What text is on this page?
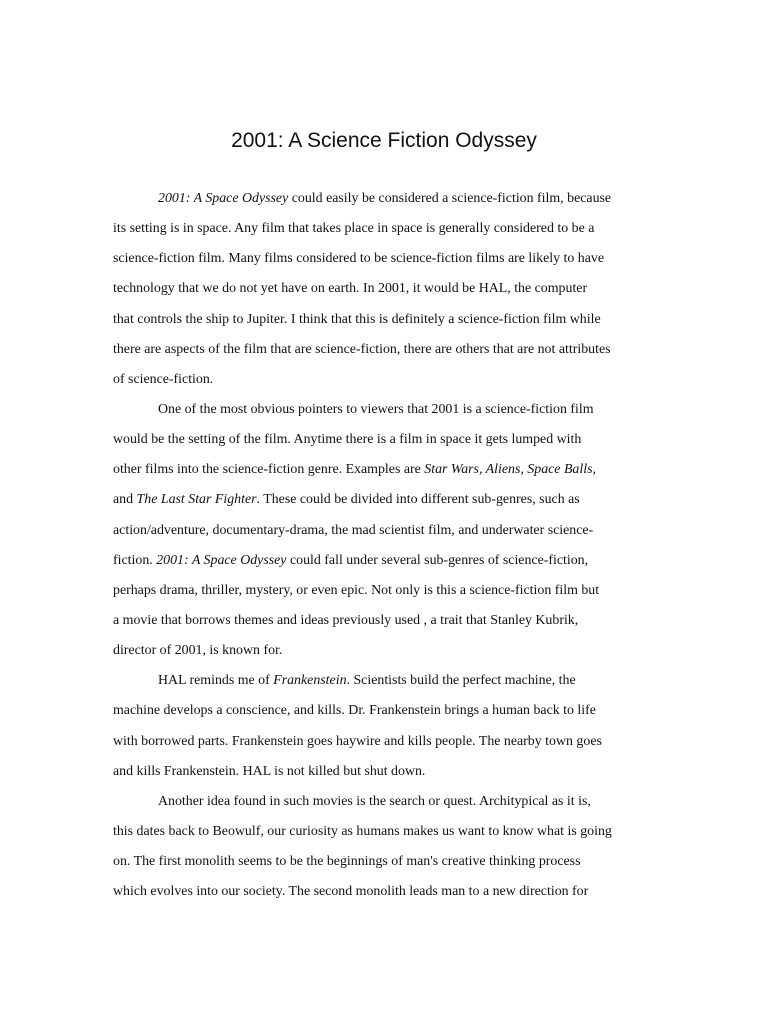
2001: A Science Fiction Odyssey

2001: A Space Odyssey could easily be considered a science-fiction film, because
its setting is in space. Any film that takes place in space is generally considered to be a
science-fiction film. Many films considered to be science-fiction films are likely to have
technology that we do not yet have on earth. In 2001, it would be HAL, the computer
that controls the ship to Jupiter. I think that this is definitely a science-fiction film while
there are aspects of the film that are science-fiction, there are others that are not attributes
of science-fiction.

One of the most obvious pointers to viewers that 2001 is a science-fiction film
would be the setting of the film. Anytime there is a film in space it gets lumped with
other films into the science-fiction genre. Examples are Star Wars, Aliens, Space Balls,
and The Last Star Fighter. These could be divided into different sub-genres, such as
action/adventure, documentary-drama, the mad scientist film, and underwater science-
fiction. 2001: A Space Odyssey could fall under several sub-genres of science-fiction,
perhaps drama, thriller, mystery, or even epic. Not only is this a science-fiction film but
a movie that borrows themes and ideas previously used , a trait that Stanley Kubrik,
director of 2001, is known for.

HAL reminds me of Frankenstein. Scientists build the perfect machine, the
machine develops a conscience, and kills. Dr. Frankenstein brings a human back to life
with borrowed parts. Frankenstein goes haywire and kills people. The nearby town goes
and kills Frankenstein. HAL is not killed but shut down.

Another idea found in such movies is the search or quest. Architypical as it is,
this dates back to Beowulf, our curiosity as humans makes us want to know what is going
on. The first monolith seems to be the beginnings of man's creative thinking process
which evolves into our society. The second monolith leads man to a new direction for
